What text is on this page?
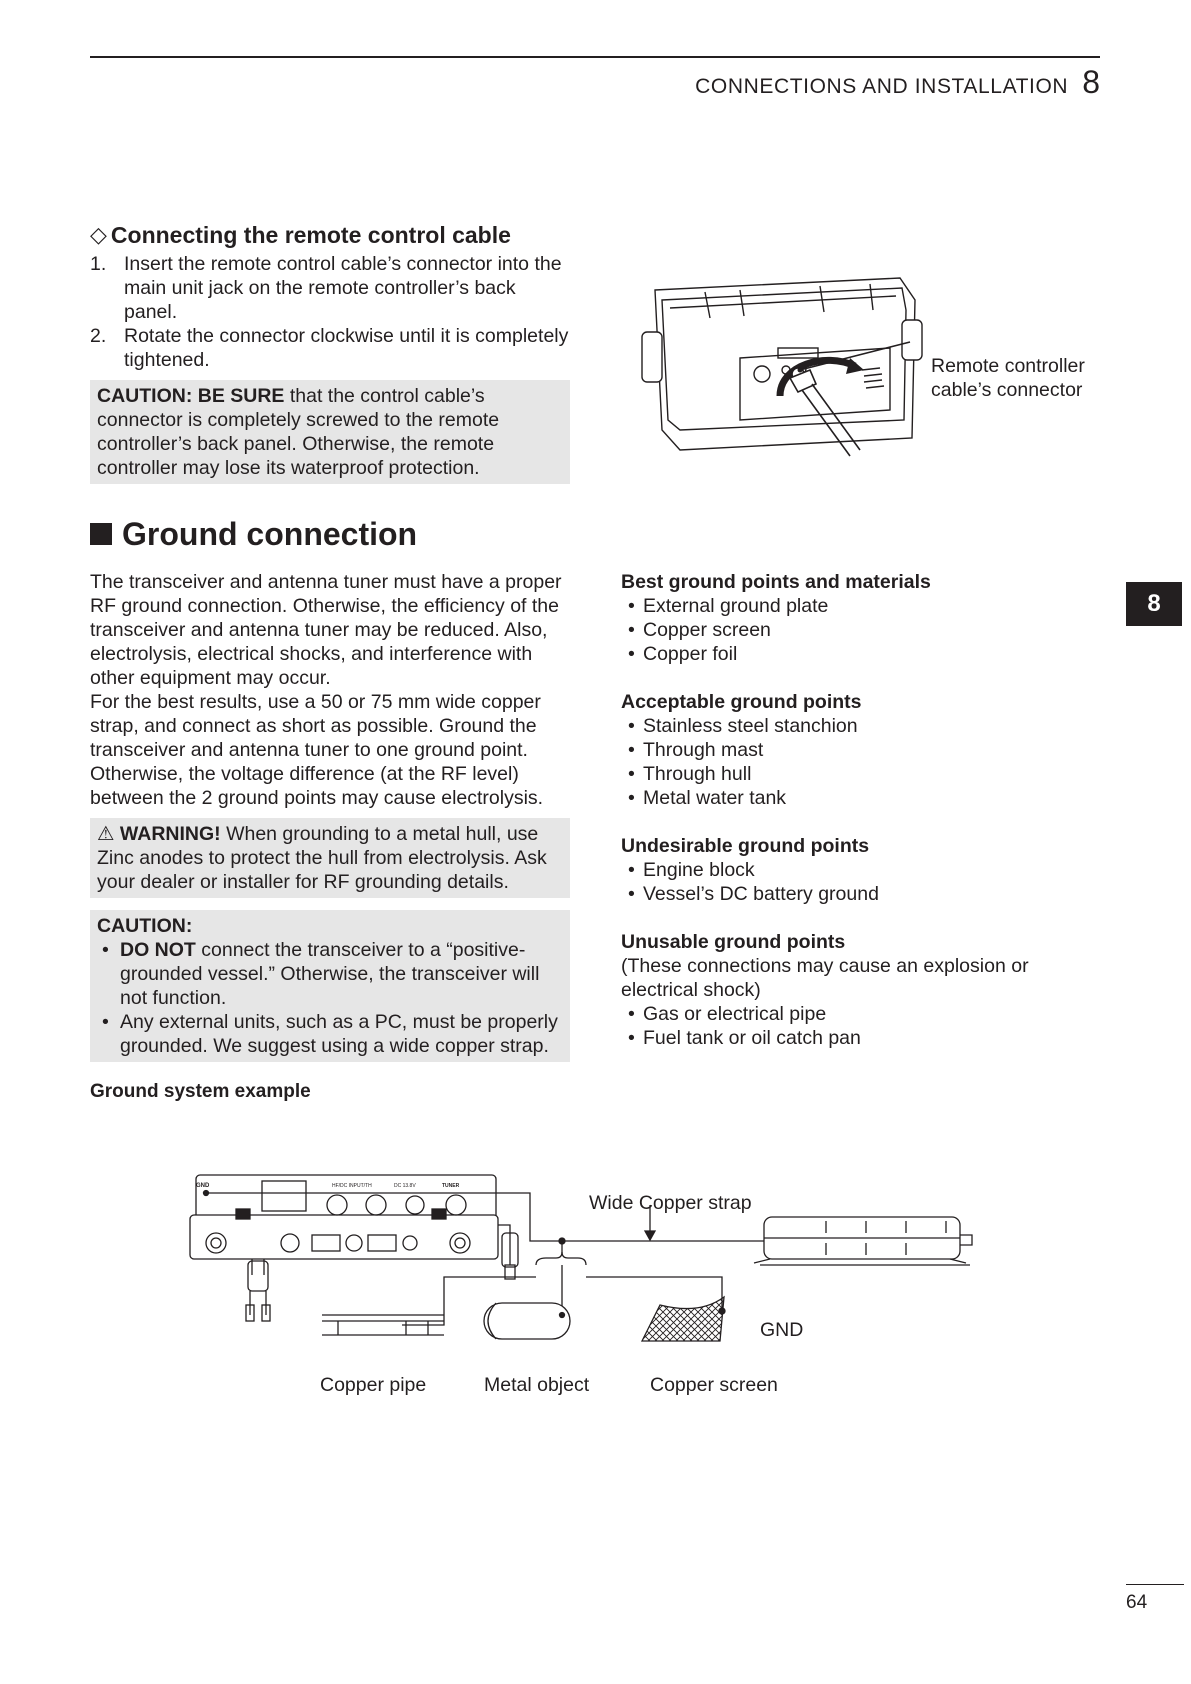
CONNECTIONS AND INSTALLATION 8
8
◇ Connecting the remote control cable
1. Insert the remote control cable’s connector into the main unit jack on the remote controller’s back panel.
2. Rotate the connector clockwise until it is completely tightened.
CAUTION: BE SURE that the control cable’s connector is completely screwed to the remote controller’s back panel. Otherwise, the remote controller may lose its waterproof protection.
Remote controller
cable’s connector
Ground connection
The transceiver and antenna tuner must have a proper RF ground connection. Otherwise, the efficiency of the transceiver and antenna tuner may be reduced. Also, electrolysis, electrical shocks, and interference with other equipment may occur.
For the best results, use a 50 or 75 mm wide copper strap, and connect as short as possible. Ground the transceiver and antenna tuner to one ground point. Otherwise, the voltage difference (at the RF level) between the 2 ground points may cause electrolysis.
⚠ WARNING! When grounding to a metal hull, use Zinc anodes to protect the hull from electrolysis. Ask your dealer or installer for RF grounding details.
CAUTION:
• DO NOT connect the transceiver to a “positive-grounded vessel.” Otherwise, the transceiver will not function.
• Any external units, such as a PC, must be properly grounded. We suggest using a wide copper strap.
Ground system example
Best ground points and materials
• External ground plate
• Copper screen
• Copper foil
Acceptable ground points
• Stainless steel stanchion
• Through mast
• Through hull
• Metal water tank
Undesirable ground points
• Engine block
• Vessel’s DC battery ground
Unusable ground points
(These connections may cause an explosion or electrical shock)
• Gas or electrical pipe
• Fuel tank or oil catch pan
GND	HF/DC INPUT/TH	DC 13.8V	TUNER
Wide Copper strap
GND
Copper pipe	Metal object	Copper screen
64
